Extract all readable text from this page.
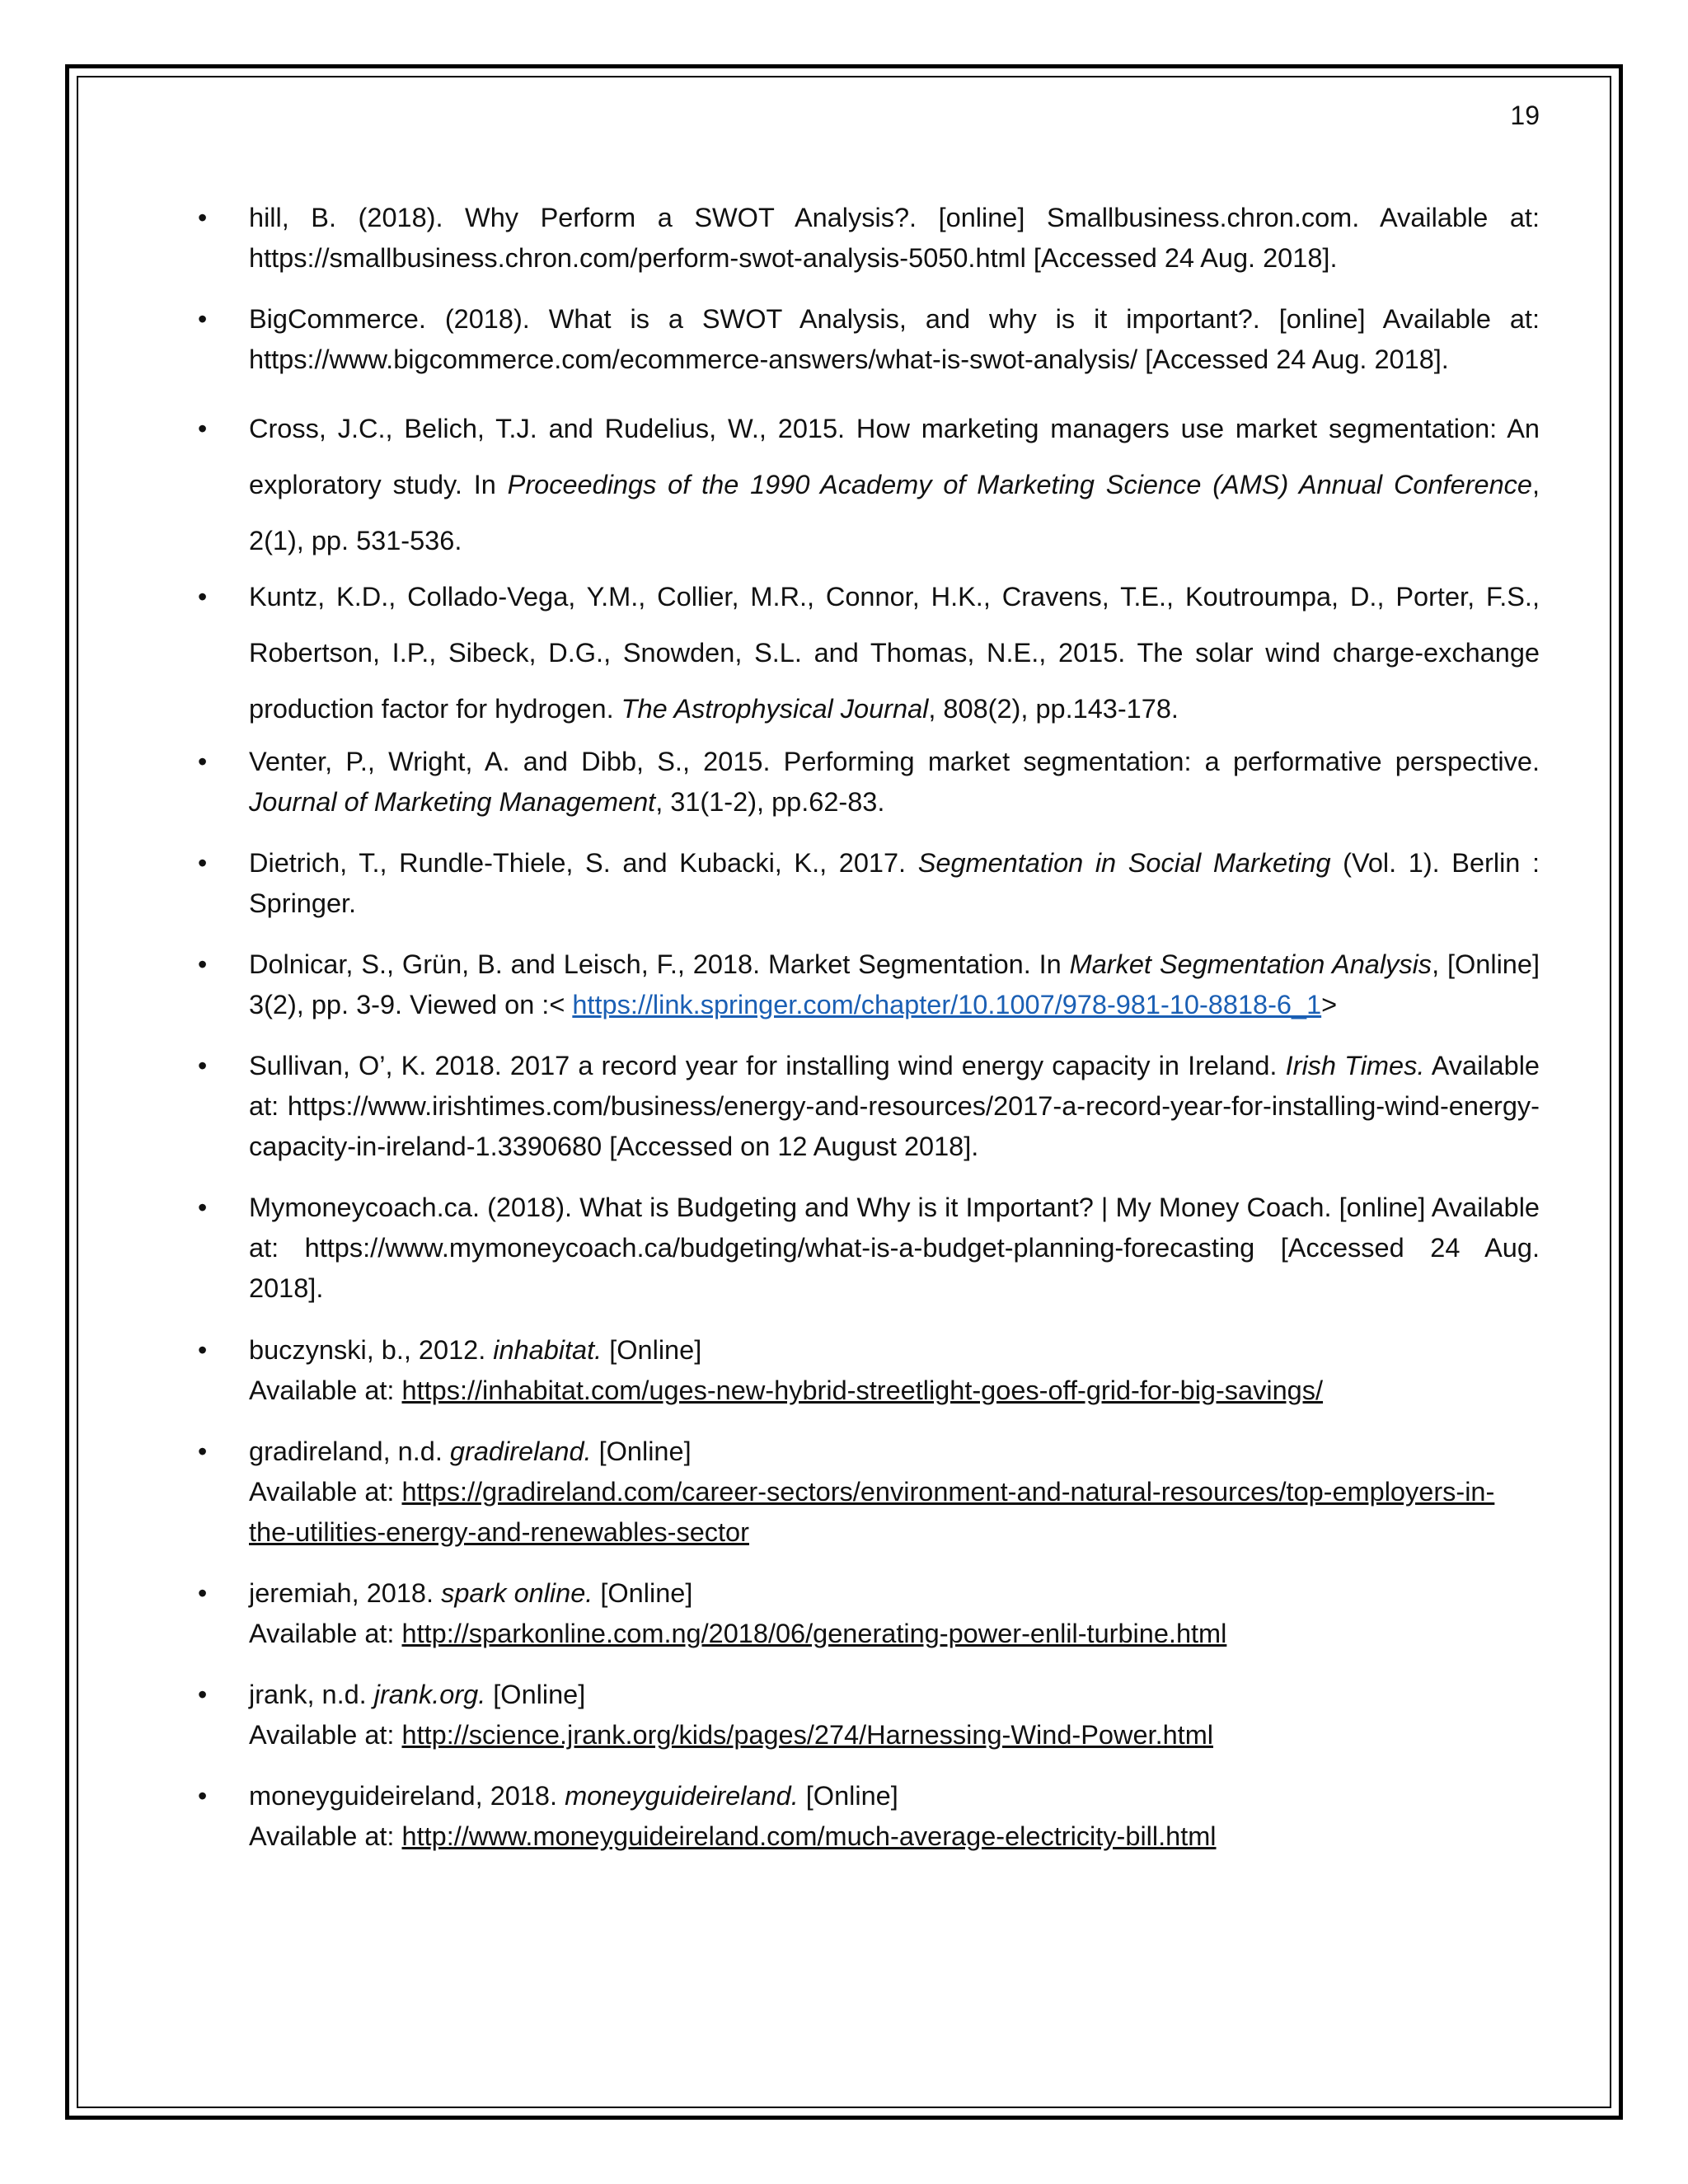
19
•	hill, B. (2018). Why Perform a SWOT Analysis?. [online] Smallbusiness.chron.com. Available at: https://smallbusiness.chron.com/perform-swot-analysis-5050.html [Accessed 24 Aug. 2018].
•	BigCommerce. (2018). What is a SWOT Analysis, and why is it important?. [online] Available at: https://www.bigcommerce.com/ecommerce-answers/what-is-swot-analysis/ [Accessed 24 Aug. 2018].
•	Cross, J.C., Belich, T.J. and Rudelius, W., 2015. How marketing managers use market segmentation: An exploratory study. In Proceedings of the 1990 Academy of Marketing Science (AMS) Annual Conference, 2(1), pp. 531-536.
•	Kuntz, K.D., Collado-Vega, Y.M., Collier, M.R., Connor, H.K., Cravens, T.E., Koutroumpa, D., Porter, F.S., Robertson, I.P., Sibeck, D.G., Snowden, S.L. and Thomas, N.E., 2015. The solar wind charge-exchange production factor for hydrogen. The Astrophysical Journal, 808(2), pp.143-178.
•	Venter, P., Wright, A. and Dibb, S., 2015. Performing market segmentation: a performative perspective. Journal of Marketing Management, 31(1-2), pp.62-83.
•	Dietrich, T., Rundle-Thiele, S. and Kubacki, K., 2017. Segmentation in Social Marketing (Vol. 1). Berlin : Springer.
•	Dolnicar, S., Grün, B. and Leisch, F., 2018. Market Segmentation. In Market Segmentation Analysis, [Online] 3(2), pp. 3-9. Viewed on :< https://link.springer.com/chapter/10.1007/978-981-10-8818-6_1>
•	Sullivan, O’, K. 2018. 2017 a record year for installing wind energy capacity in Ireland. Irish Times. Available at: https://www.irishtimes.com/business/energy-and-resources/2017-a-record-year-for-installing-wind-energy-capacity-in-ireland-1.3390680 [Accessed on 12 August 2018].
•	Mymoneycoach.ca. (2018). What is Budgeting and Why is it Important? | My Money Coach. [online] Available at: https://www.mymoneycoach.ca/budgeting/what-is-a-budget-planning-forecasting [Accessed 24 Aug. 2018].
•	buczynski, b., 2012. inhabitat. [Online]
Available at: https://inhabitat.com/uges-new-hybrid-streetlight-goes-off-grid-for-big-savings/
•	gradireland, n.d. gradireland. [Online]
Available at: https://gradireland.com/career-sectors/environment-and-natural-resources/top-employers-in-the-utilities-energy-and-renewables-sector
•	jeremiah, 2018. spark online. [Online]
Available at: http://sparkonline.com.ng/2018/06/generating-power-enlil-turbine.html
•	jrank, n.d. jrank.org. [Online]
Available at: http://science.jrank.org/kids/pages/274/Harnessing-Wind-Power.html
•	moneyguideireland, 2018. moneyguideireland. [Online]
Available at: http://www.moneyguideireland.com/much-average-electricity-bill.html
